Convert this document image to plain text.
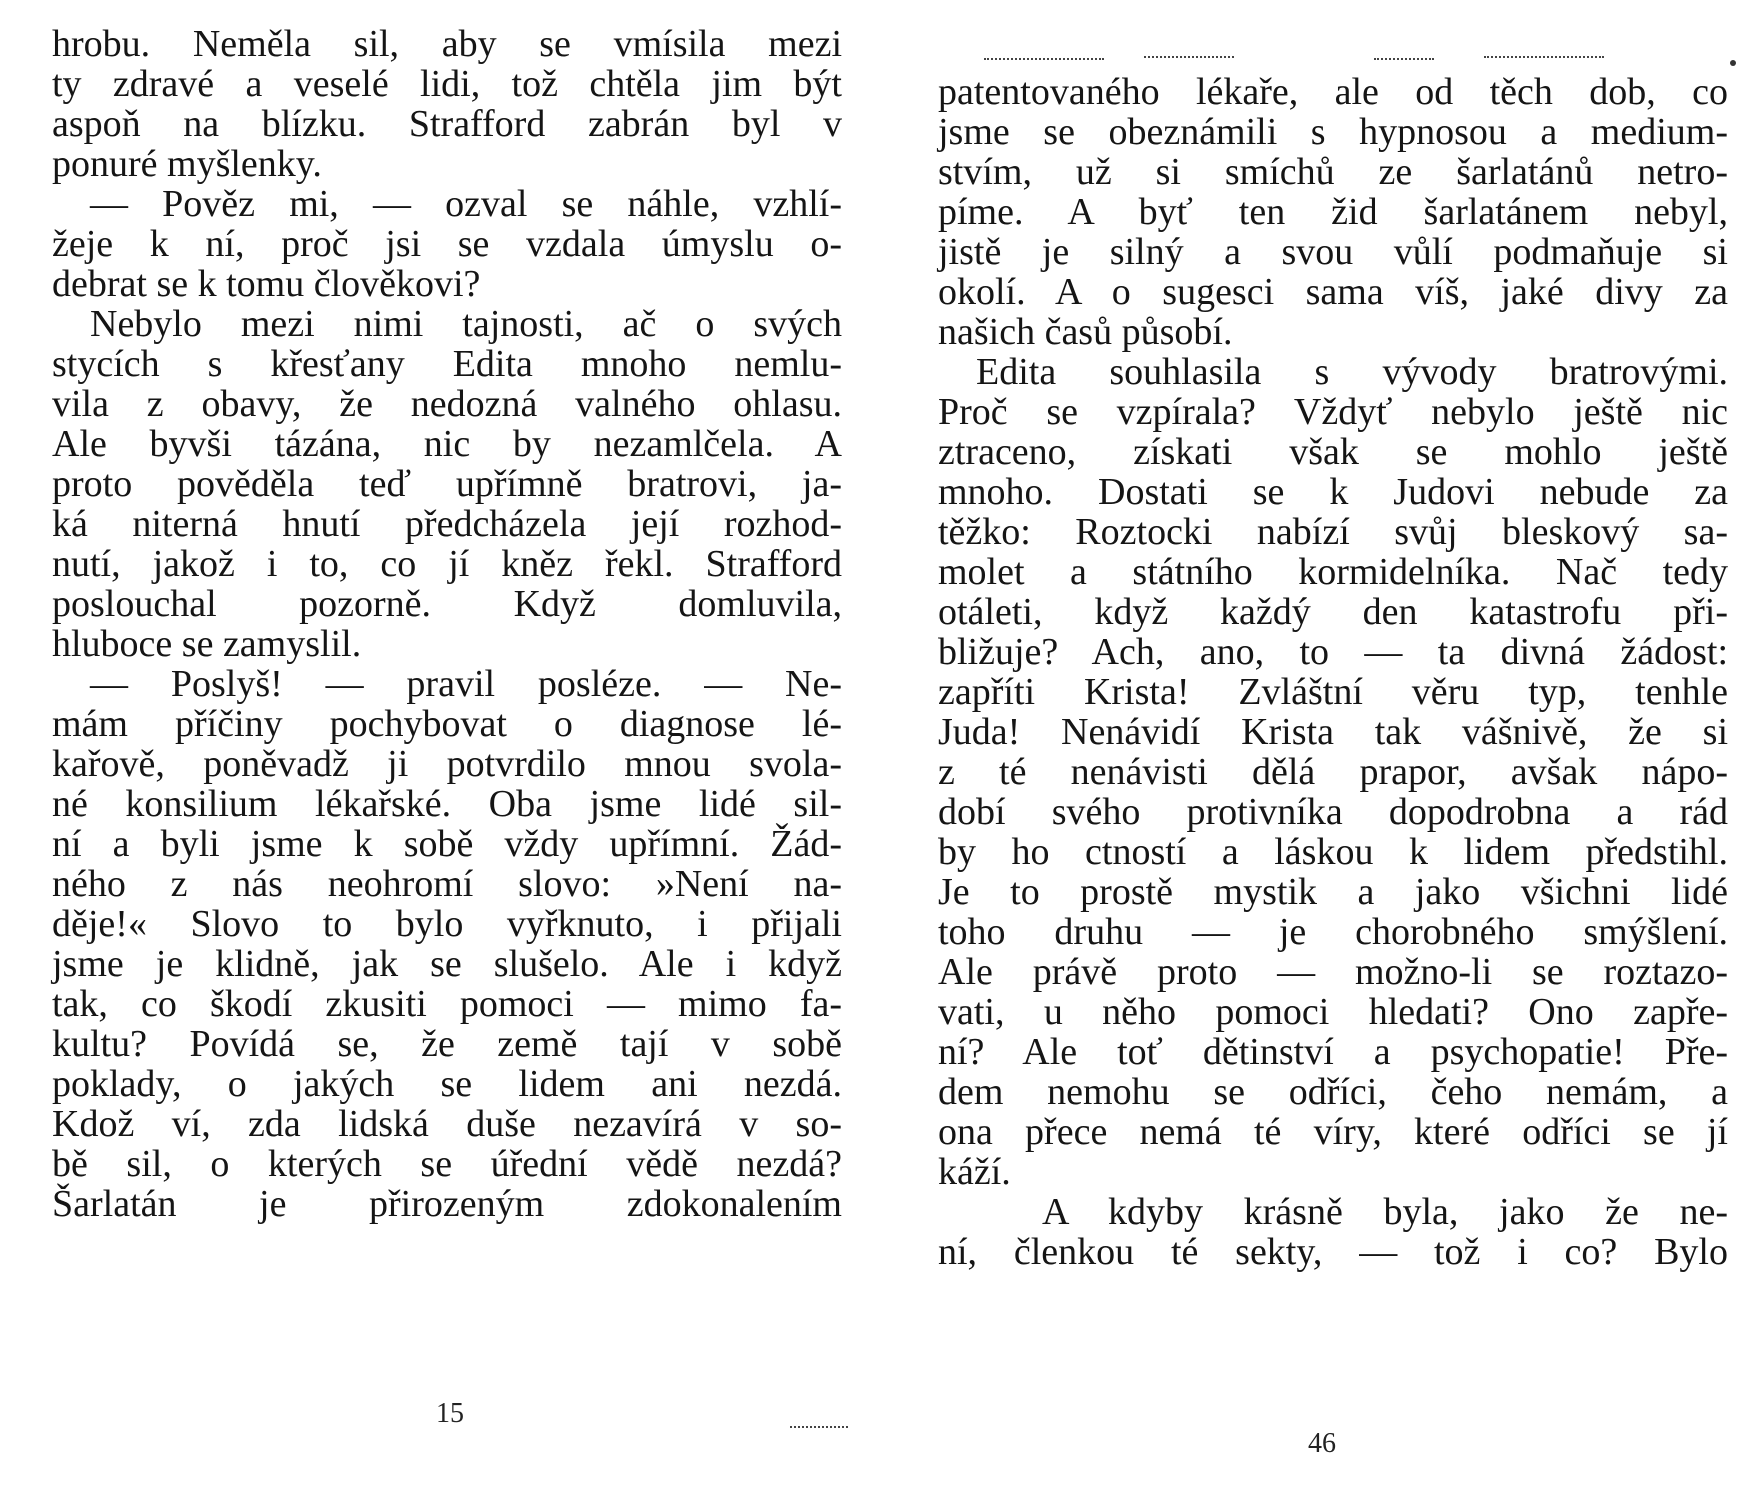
hrobu. Neměla sil, aby se vmísila mezi
ty zdravé a veselé lidi, tož chtěla jim být
aspoň na blízku. Strafford zabrán byl v
ponuré myšlenky.
— Pověz mi, — ozval se náhle, vzhlí-
žeje k ní, proč jsi se vzdala úmyslu o-
debrat se k tomu člověkovi?
Nebylo mezi nimi tajnosti, ač o svých
stycích s křesťany Edita mnoho nemlu-
vila z obavy, že nedozná valného ohlasu.
Ale byvši tázána, nic by nezamlčela. A
proto pověděla teď upřímně bratrovi, ja-
ká niterná hnutí předcházela její rozhod-
nutí, jakož i to, co jí kněz řekl. Strafford
poslouchal pozorně. Když domluvila,
hluboce se zamyslil.
— Poslyš! — pravil posléze. — Ne-
mám příčiny pochybovat o diagnose lé-
kařově, poněvadž ji potvrdilo mnou svola-
né konsilium lékařské. Oba jsme lidé sil-
ní a byli jsme k sobě vždy upřímní. Žád-
ného z nás neohromí slovo: »Není na-
děje!« Slovo to bylo vyřknuto, i přijali
jsme je klidně, jak se slušelo. Ale i když
tak, co škodí zkusiti pomoci — mimo fa-
kultu? Povídá se, že země tají v sobě
poklady, o jakých se lidem ani nezdá.
Kdož ví, zda lidská duše nezavírá v so-
bě sil, o kterých se úřední vědě nezdá?
Šarlatán je přirozeným zdokonalením
15
patentovaného lékaře, ale od těch dob, co
jsme se obeznámili s hypnosou a medium-
stvím, už si smíchů ze šarlatánů netro-
píme. A byť ten žid šarlatánem nebyl,
jistě je silný a svou vůlí podmaňuje si
okolí. A o sugesci sama víš, jaké divy za
našich časů působí.
Edita souhlasila s vývody bratrovými.
Proč se vzpírala? Vždyť nebylo ještě nic
ztraceno, získati však se mohlo ještě
mnoho. Dostati se k Judovi nebude za
těžko: Roztocki nabízí svůj bleskový sa-
molet a státního kormidelníka. Nač tedy
otáleti, když každý den katastrofu při-
bližuje? Ach, ano, to — ta divná žádost:
zapříti Krista! Zvláštní věru typ, tenhle
Juda! Nenávidí Krista tak vášnivě, že si
z té nenávisti dělá prapor, avšak nápo-
dobí svého protivníka dopodrobna a rád
by ho ctností a láskou k lidem předstihl.
Je to prostě mystik a jako všichni lidé
toho druhu — je chorobného smýšlení.
Ale právě proto — možno-li se roztazo-
vati, u něho pomoci hledati? Ono zapře-
ní? Ale toť dětinství a psychopatie! Pře-
dem nemohu se odříci, čeho nemám, a
ona přece nemá té víry, které odříci se jí
káží.
A kdyby krásně byla, jako že ne-
ní, členkou té sekty, — tož i co? Bylo
46
